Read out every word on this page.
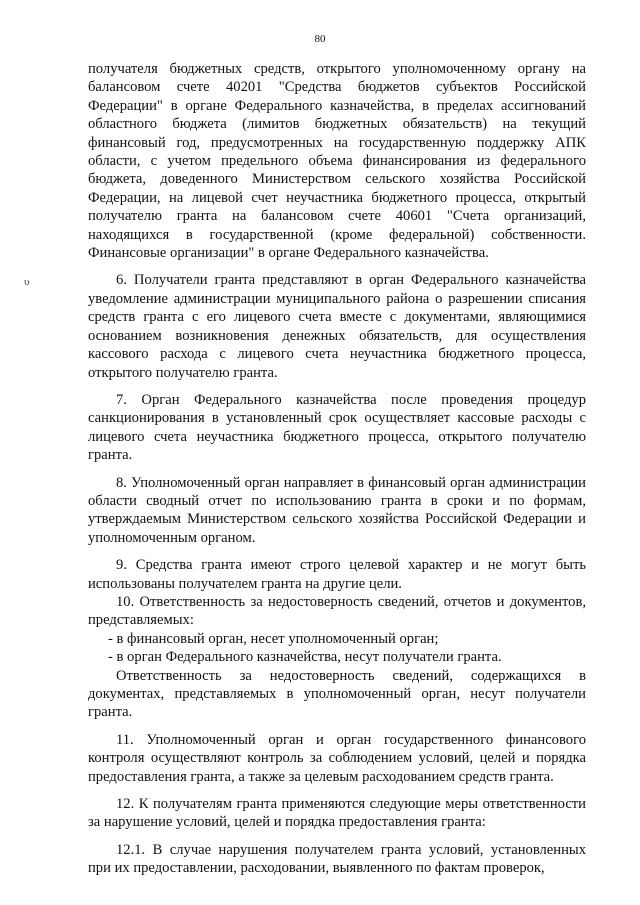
80
υ

получателя бюджетных средств, открытого уполномоченному органу на балансовом счете 40201 "Средства бюджетов субъектов Российской Федерации" в органе Федерального казначейства, в пределах ассигнований областного бюджета (лимитов бюджетных обязательств) на текущий финансовый год, предусмотренных на государственную поддержку АПК области, с учетом предельного объема финансирования из федерального бюджета, доведенного Министерством сельского хозяйства Российской Федерации, на лицевой счет неучастника бюджетного процесса, открытый получателю гранта на балансовом счете 40601 "Счета организаций, находящихся в государственной (кроме федеральной) собственности. Финансовые организации" в органе Федерального казначейства.

6. Получатели гранта представляют в орган Федерального казначейства уведомление администрации муниципального района о разрешении списания средств гранта с его лицевого счета вместе с документами, являющимися основанием возникновения денежных обязательств, для осуществления кассового расхода с лицевого счета неучастника бюджетного процесса, открытого получателю гранта.

7. Орган Федерального казначейства после проведения процедур санкционирования в установленный срок осуществляет кассовые расходы с лицевого счета неучастника бюджетного процесса, открытого получателю гранта.

8. Уполномоченный орган направляет в финансовый орган администрации области сводный отчет по использованию гранта в сроки и по формам, утверждаемым Министерством сельского хозяйства Российской Федерации и уполномоченным органом.

9. Средства гранта имеют строго целевой характер и не могут быть использованы получателем гранта на другие цели.

10. Ответственность за недостоверность сведений, отчетов и документов, представляемых:

- в финансовый орган, несет уполномоченный орган;

- в орган Федерального казначейства, несут получатели гранта.

Ответственность за недостоверность сведений, содержащихся в документах, представляемых в уполномоченный орган, несут получатели гранта.

11. Уполномоченный орган и орган государственного финансового контроля осуществляют контроль за соблюдением условий, целей и порядка предоставления гранта, а также за целевым расходованием средств гранта.

12. К получателям гранта применяются следующие меры ответственности за нарушение условий, целей и порядка предоставления гранта:

12.1. В случае нарушения получателем гранта условий, установленных при их предоставлении, расходовании, выявленного по фактам проверок,
